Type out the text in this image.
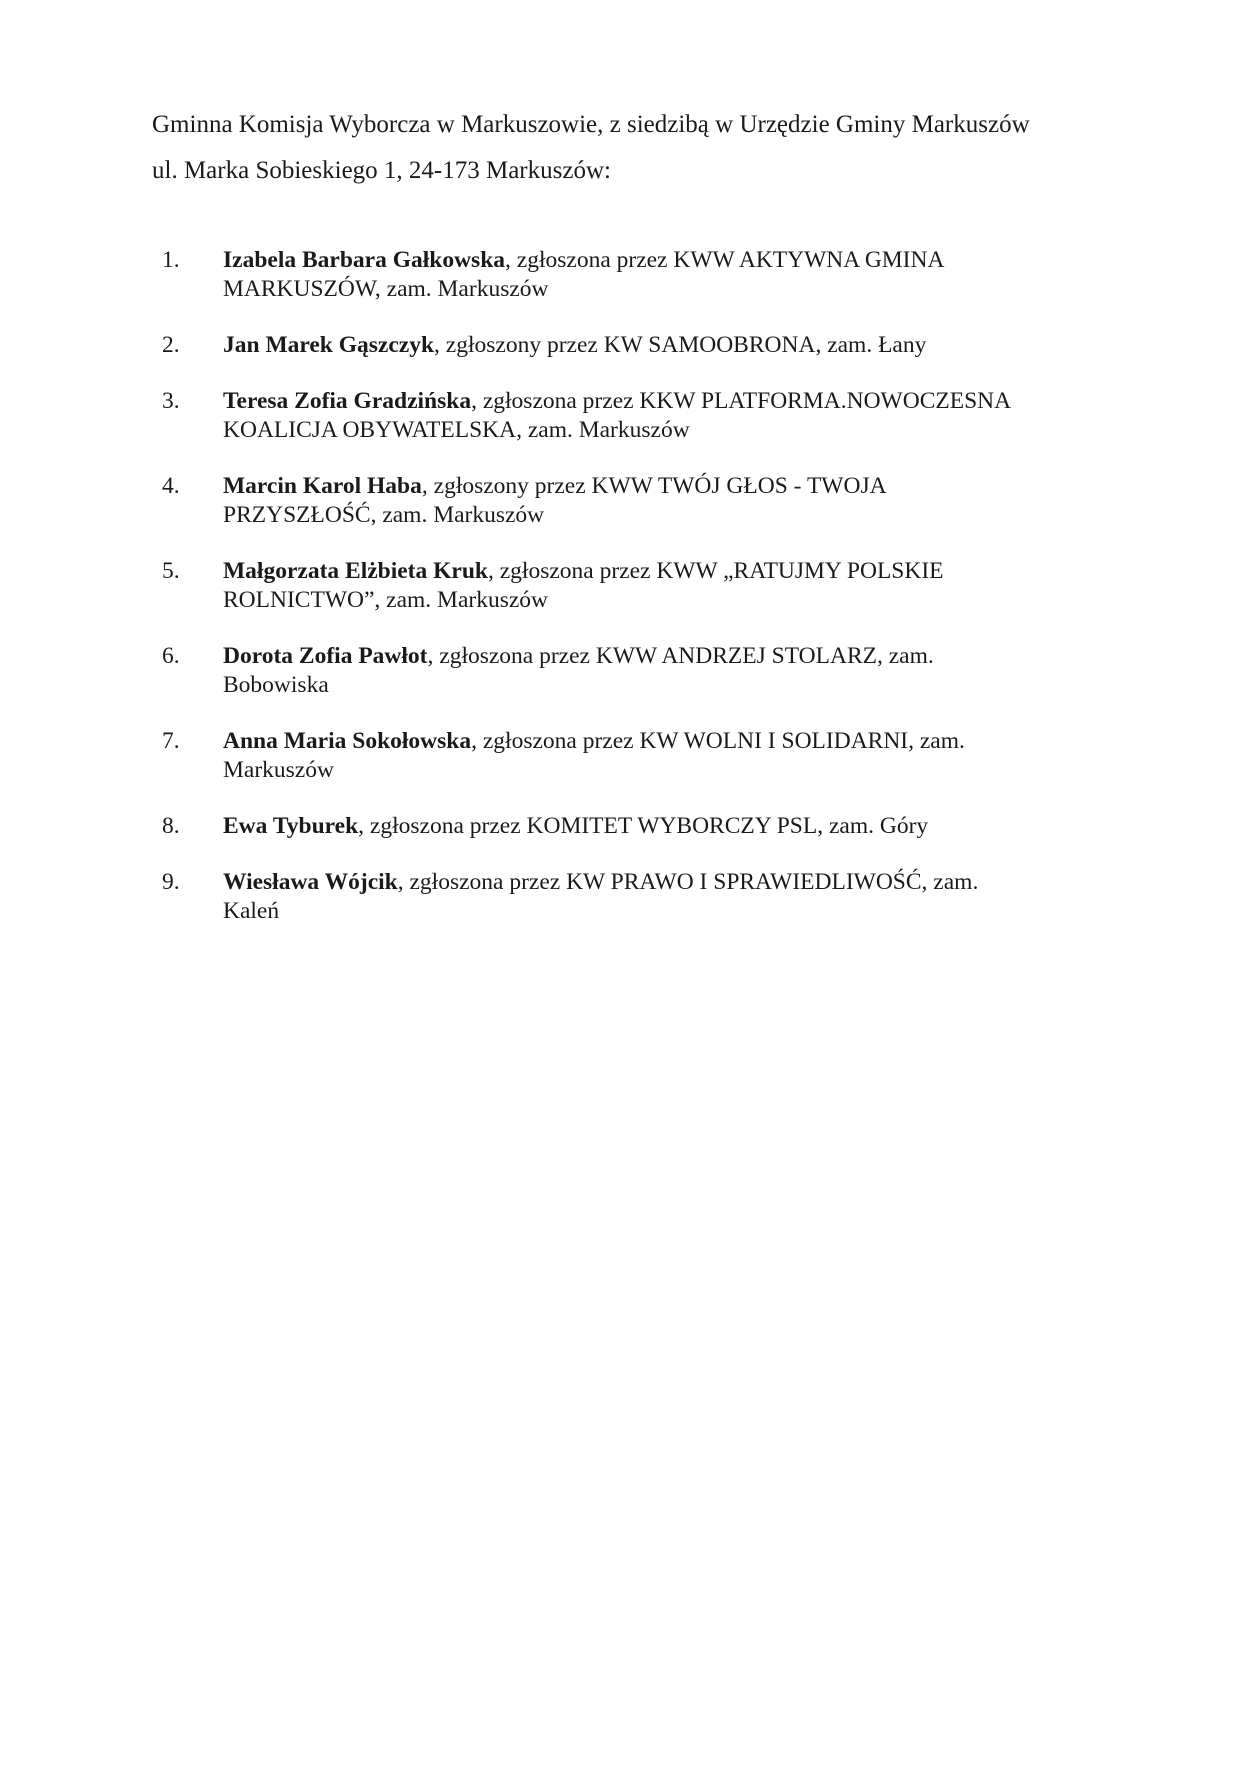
Gminna Komisja Wyborcza w Markuszowie, z siedzibą w Urzędzie Gminy Markuszów
ul. Marka Sobieskiego 1, 24-173 Markuszów:
1.	Izabela Barbara Gałkowska, zgłoszona przez KWW AKTYWNA GMINA
MARKUSZÓW, zam. Markuszów
2.	Jan Marek Gąszczyk, zgłoszony przez KW SAMOOBRONA, zam. Łany
3.	Teresa Zofia Gradzińska, zgłoszona przez KKW PLATFORMA.NOWOCZESNA
KOALICJA OBYWATELSKA, zam. Markuszów
4.	Marcin Karol Haba, zgłoszony przez KWW TWÓJ GŁOS - TWOJA
PRZYSZŁOŚĆ, zam. Markuszów
5.	Małgorzata Elżbieta Kruk, zgłoszona przez KWW „RATUJMY POLSKIE
ROLNICTWO”, zam. Markuszów
6.	Dorota Zofia Pawłot, zgłoszona przez KWW ANDRZEJ STOLARZ, zam.
Bobowiska
7.	Anna Maria Sokołowska, zgłoszona przez KW WOLNI I SOLIDARNI, zam.
Markuszów
8.	Ewa Tyburek, zgłoszona przez KOMITET WYBORCZY PSL, zam. Góry
9.	Wiesława Wójcik, zgłoszona przez KW PRAWO I SPRAWIEDLIWOŚĆ, zam.
Kaleń
